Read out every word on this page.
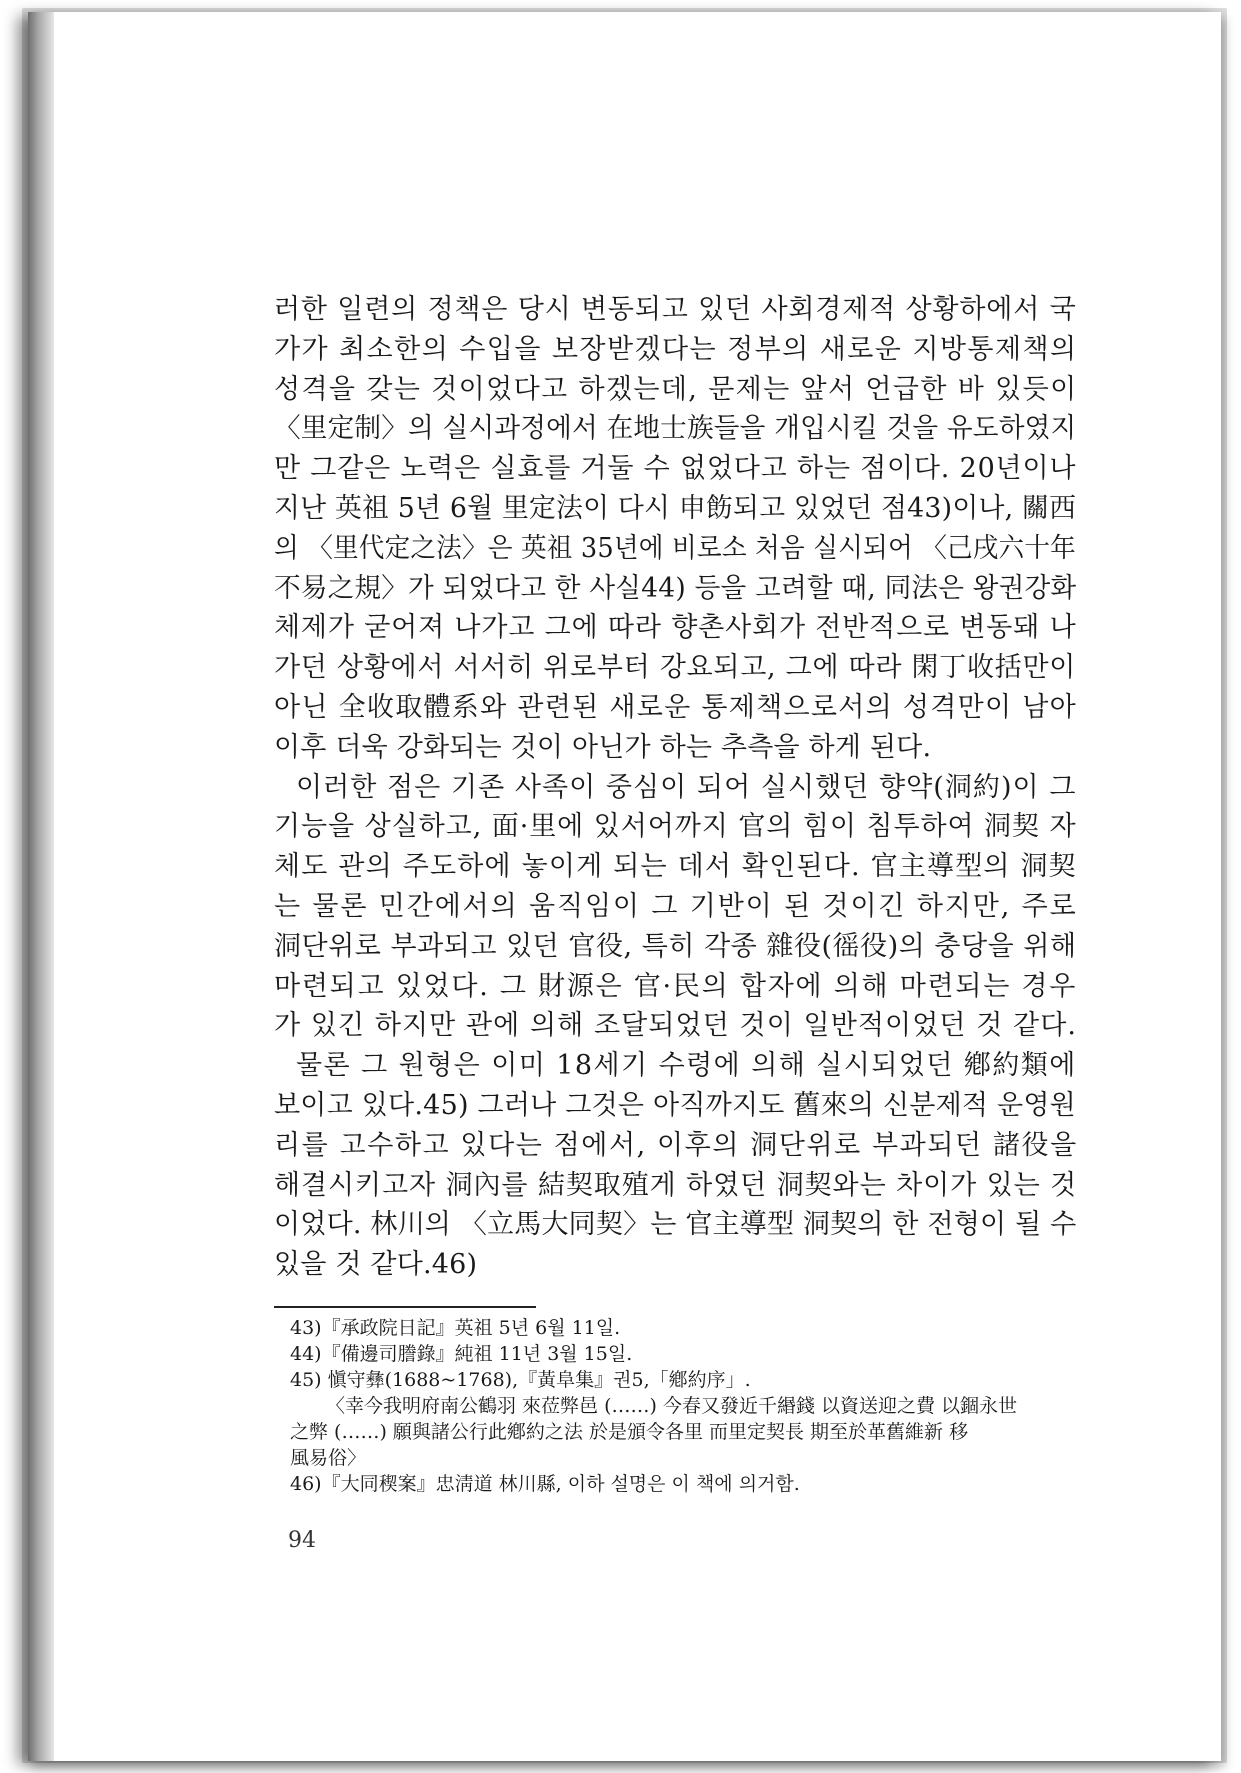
러한 일련의 정책은 당시 변동되고 있던 사회경제적 상황하에서 국
가가 최소한의 수입을 보장받겠다는 정부의 새로운 지방통제책의
성격을 갖는 것이었다고 하겠는데, 문제는 앞서 언급한 바 있듯이
〈里定制〉의 실시과정에서 在地士族들을 개입시킬 것을 유도하였지
만 그같은 노력은 실효를 거둘 수 없었다고 하는 점이다. 20년이나
지난 英祖 5년 6월 里定法이 다시 申飭되고 있었던 점43)이나, 關西
의 〈里代定之法〉은 英祖 35년에 비로소 처음 실시되어 〈己戌六十年
不易之規〉가 되었다고 한 사실44) 등을 고려할 때, 同法은 왕권강화
체제가 굳어져 나가고 그에 따라 향촌사회가 전반적으로 변동돼 나
가던 상황에서 서서히 위로부터 강요되고, 그에 따라 閑丁收括만이
아닌 全收取體系와 관련된 새로운 통제책으로서의 성격만이 남아
이후 더욱 강화되는 것이 아닌가 하는 추측을 하게 된다.
이러한 점은 기존 사족이 중심이 되어 실시했던 향약(洞約)이 그
기능을 상실하고, 面·里에 있서어까지 官의 힘이 침투하여 洞契 자
체도 관의 주도하에 놓이게 되는 데서 확인된다. 官主導型의 洞契
는 물론 민간에서의 움직임이 그 기반이 된 것이긴 하지만, 주로
洞단위로 부과되고 있던 官役, 특히 각종 雜役(徭役)의 충당을 위해
마련되고 있었다. 그 財源은 官·民의 합자에 의해 마련되는 경우
가 있긴 하지만 관에 의해 조달되었던 것이 일반적이었던 것 같다.
물론 그 원형은 이미 18세기 수령에 의해 실시되었던 鄕約類에
보이고 있다.45) 그러나 그것은 아직까지도 舊來의 신분제적 운영원
리를 고수하고 있다는 점에서, 이후의 洞단위로 부과되던 諸役을
해결시키고자 洞內를 結契取殖게 하였던 洞契와는 차이가 있는 것
이었다. 林川의 〈立馬大同契〉는 官主導型 洞契의 한 전형이 될 수
있을 것 같다.46)
43)『承政院日記』英祖 5년 6월 11일.
44)『備邊司謄錄』純祖 11년 3월 15일.
45) 愼守彝(1688~1768),『黃阜集』권5,「鄕約序」.
〈幸今我明府南公鶴羽 來莅弊邑 (……) 今春又發近千緡錢 以資送迎之費 以錮永世
之弊 (……) 願與諸公行此鄕約之法 於是頒令各里 而里定契長 期至於革舊維新 移
風易俗〉
46)『大同稧案』忠淸道 林川縣, 이하 설명은 이 책에 의거함.
94
